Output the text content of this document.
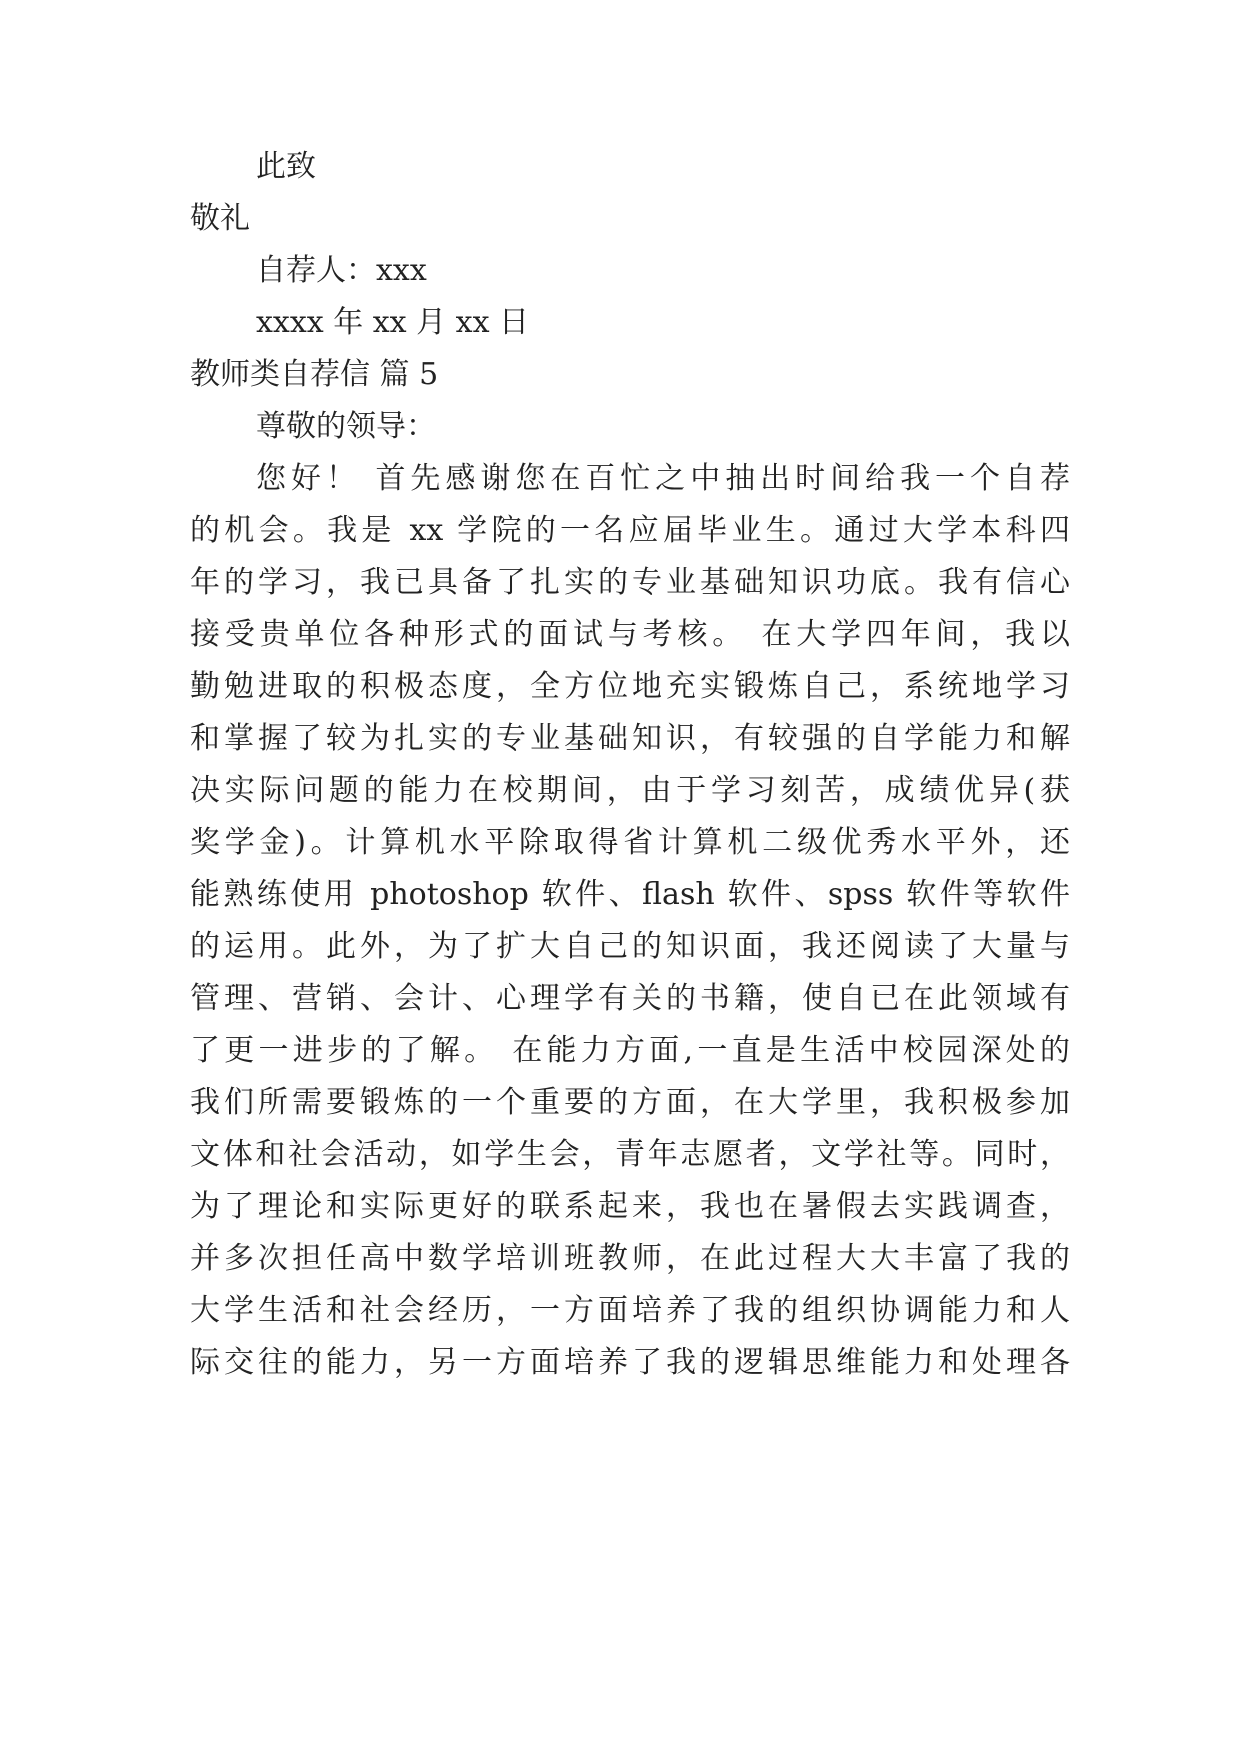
此致
敬礼
自荐人：xxx
xxxx 年 xx 月 xx 日
教师类自荐信 篇 5
尊敬的领导：
您好！ 首先感谢您在百忙之中抽出时间给我一个自荐
的机会。我是 xx 学院的一名应届毕业生。通过大学本科四
年的学习，我已具备了扎实的专业基础知识功底。我有信心
接受贵单位各种形式的面试与考核。 在大学四年间，我以
勤勉进取的积极态度，全方位地充实锻炼自己，系统地学习
和掌握了较为扎实的专业基础知识，有较强的自学能力和解
决实际问题的能力在校期间，由于学习刻苦，成绩优异(获
奖学金)。计算机水平除取得省计算机二级优秀水平外，还
能熟练使用 photoshop 软件、flash 软件、spss 软件等软件
的运用。此外，为了扩大自己的知识面，我还阅读了大量与
管理、营销、会计、心理学有关的书籍，使自已在此领域有
了更一进步的了解。 在能力方面,一直是生活中校园深处的
我们所需要锻炼的一个重要的方面，在大学里，我积极参加
文体和社会活动，如学生会，青年志愿者，文学社等。同时，
为了理论和实际更好的联系起来，我也在暑假去实践调查，
并多次担任高中数学培训班教师，在此过程大大丰富了我的
大学生活和社会经历，一方面培养了我的组织协调能力和人
际交往的能力，另一方面培养了我的逻辑思维能力和处理各
